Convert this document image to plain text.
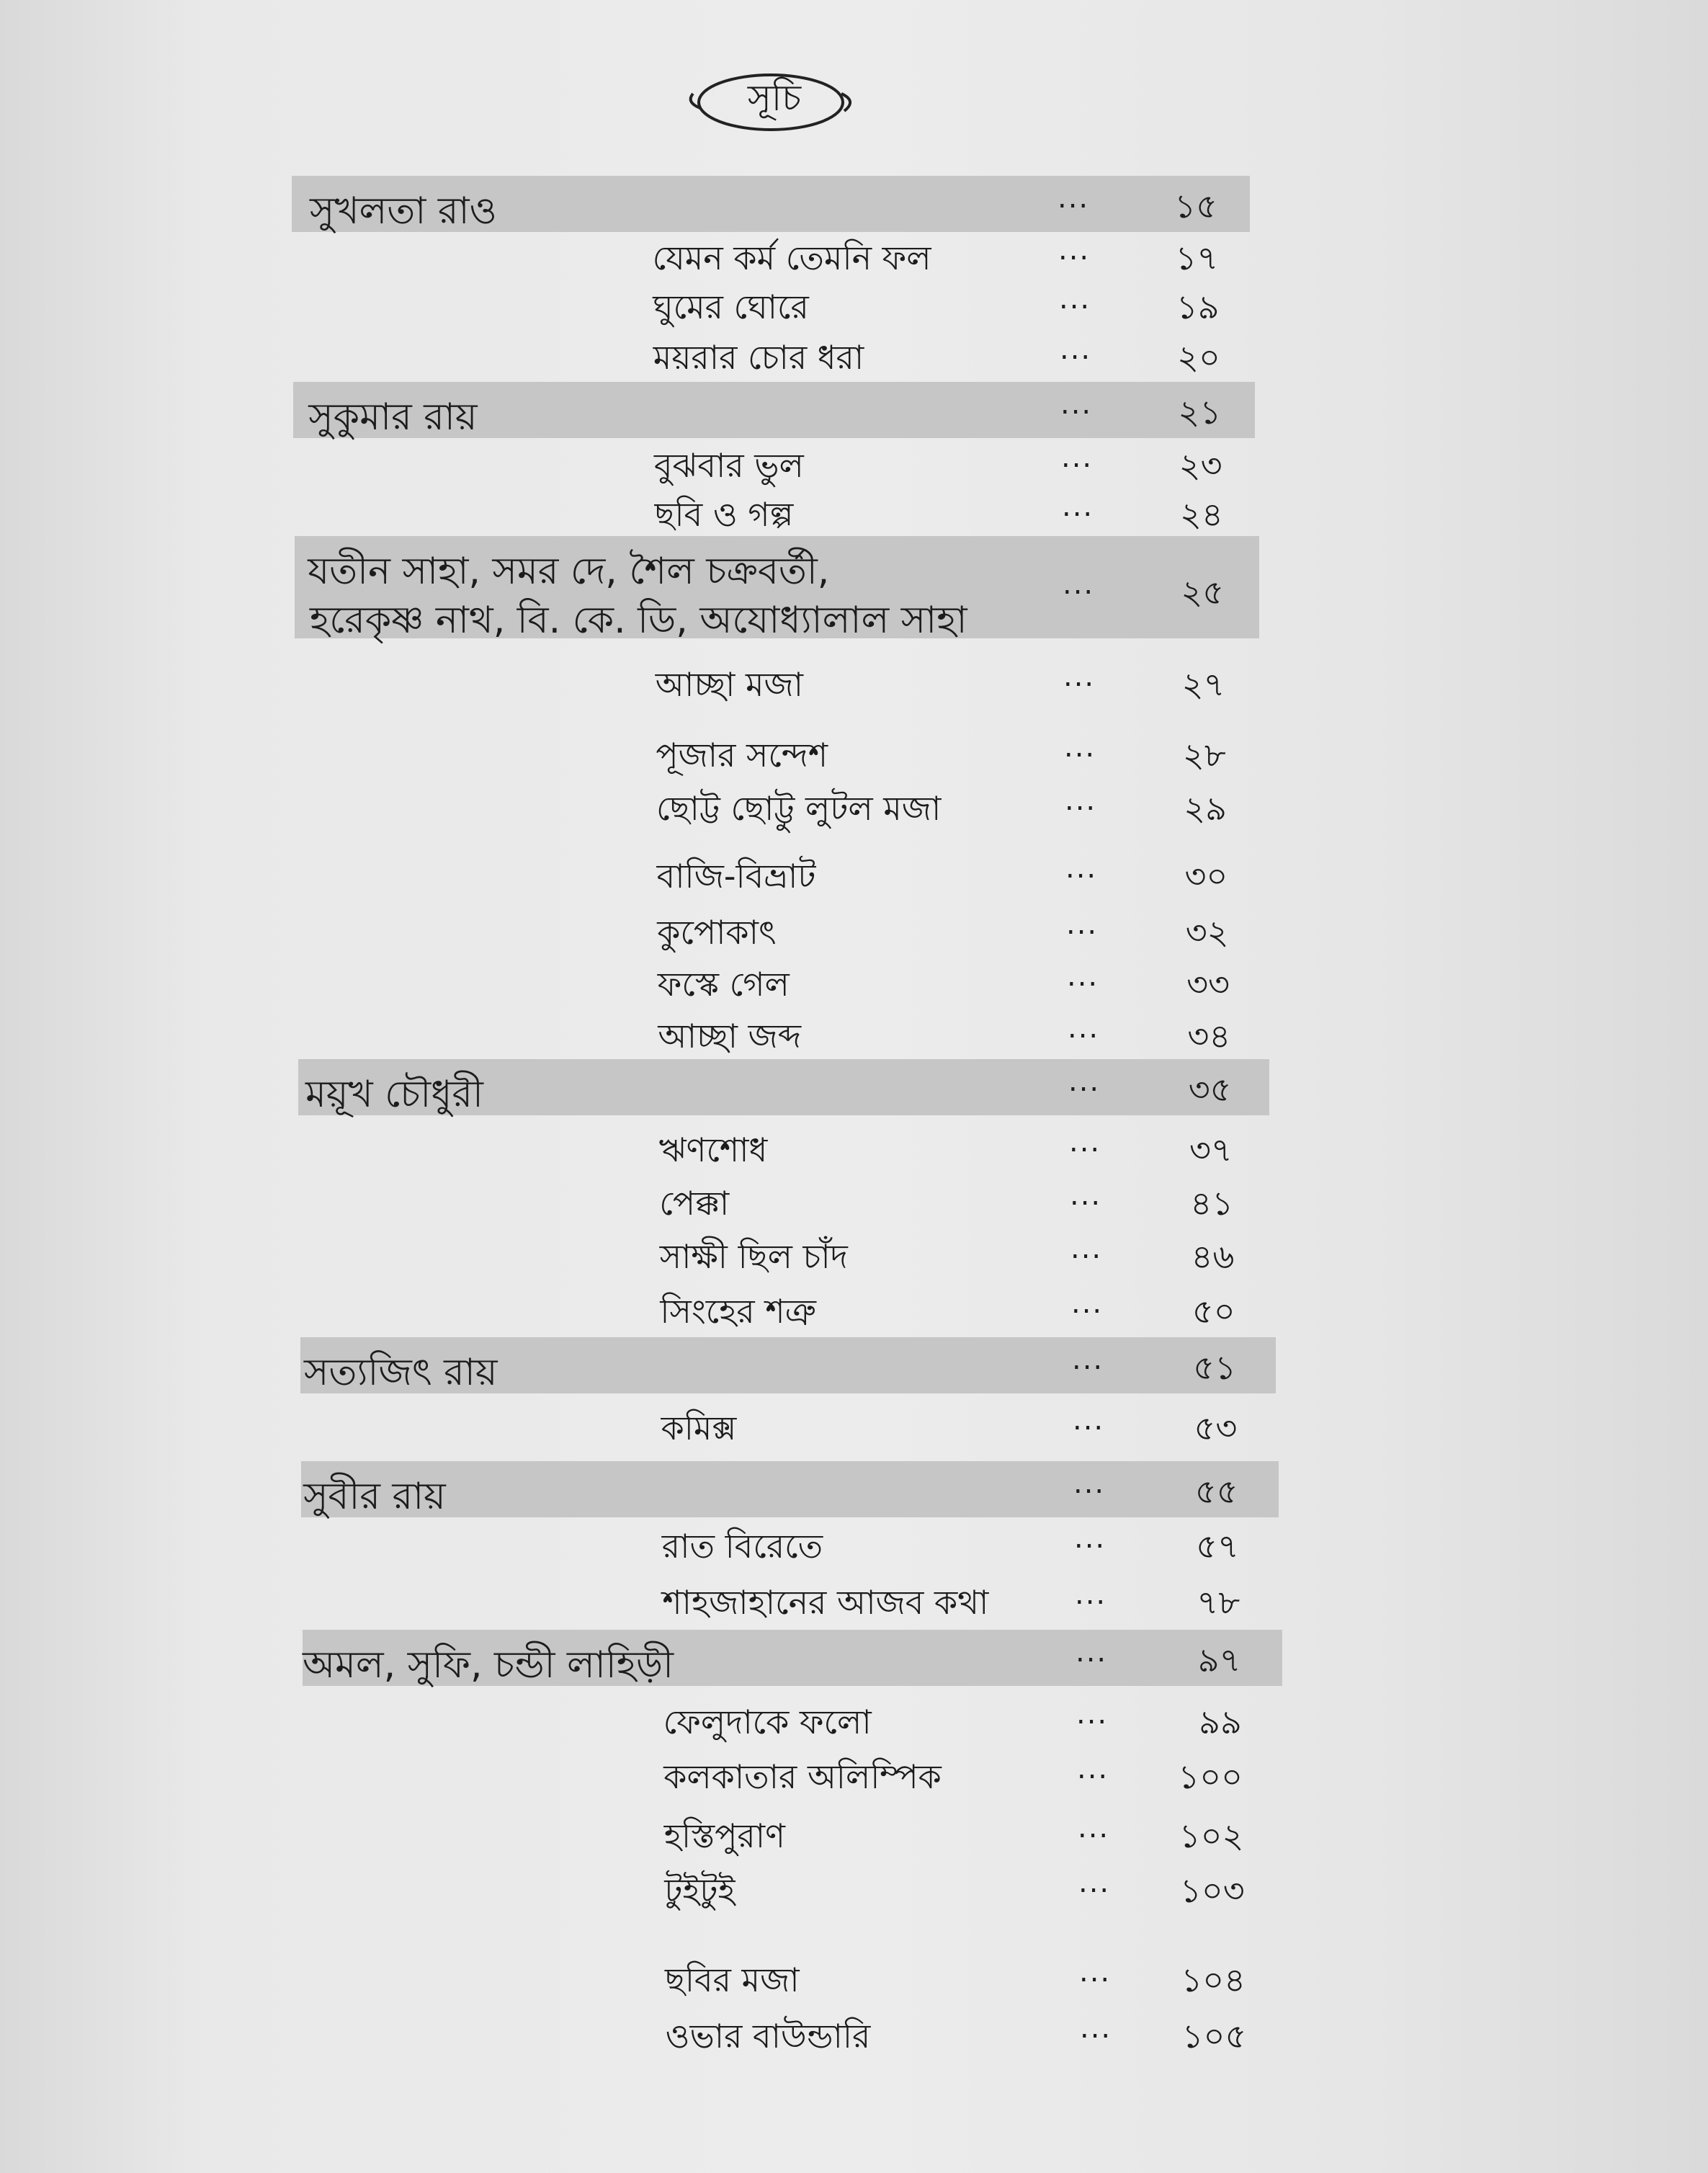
সূচি
সুখলতা রাও	...	১৫
যেমন কর্ম তেমনি ফল	...	১৭
ঘুমের ঘোরে	...	১৯
ময়রার চোর ধরা	...	২০
সুকুমার রায়	...	২১
বুঝবার ভুল	...	২৩
ছবি ও গল্প	...	২৪
যতীন সাহা, সমর দে, শৈল চক্রবর্তী,
হরেকৃষ্ণ নাথ, বি. কে. ডি, অযোধ্যালাল সাহা
...	২৫
আচ্ছা মজা	...	২৭
পূজার সন্দেশ	...	২৮
ছোট্ট ছোট্টু লুটল মজা	...	২৯
বাজি-বিভ্রাট	...	৩০
কুপোকাৎ	...	৩২
ফস্কে গেল	...	৩৩
আচ্ছা জব্দ	...	৩৪
ময়ূখ চৌধুরী	...	৩৫
ঋণশোধ	...	৩৭
পেক্কা	...	৪১
সাক্ষী ছিল চাঁদ	...	৪৬
সিংহের শত্রু	...	৫০
সত্যজিৎ রায়	...	৫১
কমিক্স	...	৫৩
সুবীর রায়	...	৫৫
রাত বিরেতে	...	৫৭
শাহজাহানের আজব কথা	...	৭৮
অমল, সুফি, চন্ডী লাহিড়ী	...	৯৭
ফেলুদাকে ফলো	...	৯৯
কলকাতার অলিম্পিক	...	১০০
হস্তিপুরাণ	...	১০২
টুইটুই	...	১০৩
ছবির মজা	...	১০৪
ওভার বাউন্ডারি	...	১০৫
